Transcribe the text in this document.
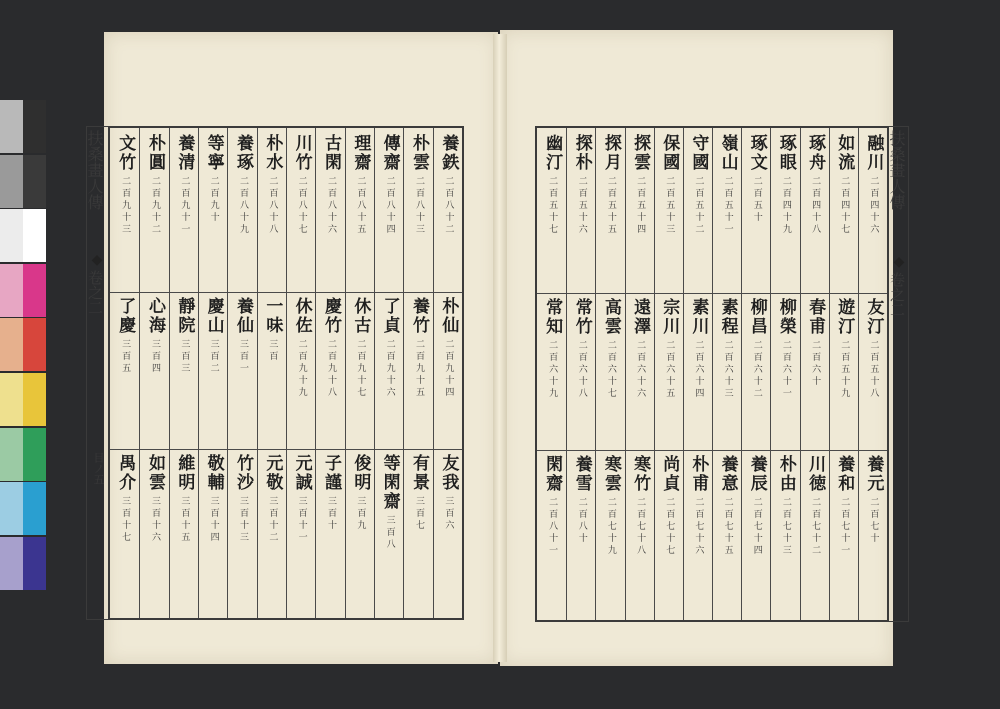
扶桑畫人傳
◆
卷之二
目ノ五
扶桑畫人傳
◆
卷之二
養鉄
二百八十二
朴仙
二百九十四
友我
三百六
朴雲
二百八十三
養竹
二百九十五
有景
三百七
傳齋
二百八十四
了貞
二百九十六
等閑齋
三百八
理齋
二百八十五
休古
二百九十七
俊明
三百九
古閑
二百八十六
慶竹
二百九十八
子謹
三百十
川竹
二百八十七
休佐
二百九十九
元誠
三百十一
朴水
二百八十八
一味
三百
元敬
三百十二
養琢
二百八十九
養仙
三百一
竹沙
三百十三
等寧
二百九十
慶山
三百二
敬輔
三百十四
養清
二百九十一
靜院
三百三
維明
三百十五
朴圓
二百九十二
心海
三百四
如雲
三百十六
文竹
二百九十三
了慶
三百五
禺介
三百十七
融川
二百四十六
友汀
二百五十八
養元
二百七十
如流
二百四十七
遊汀
二百五十九
養和
二百七十一
琢舟
二百四十八
春甫
二百六十
川徳
二百七十二
琢眼
二百四十九
柳榮
二百六十一
朴由
二百七十三
琢文
二百五十
柳昌
二百六十二
養辰
二百七十四
嶺山
二百五十一
素程
二百六十三
養意
二百七十五
守國
二百五十二
素川
二百六十四
朴甫
二百七十六
保國
二百五十三
宗川
二百六十五
尚貞
二百七十七
探雲
二百五十四
遠澤
二百六十六
寒竹
二百七十八
探月
二百五十五
高雲
二百六十七
寒雲
二百七十九
探朴
二百五十六
常竹
二百六十八
養雪
二百八十
幽汀
二百五十七
常知
二百六十九
閑齋
二百八十一
